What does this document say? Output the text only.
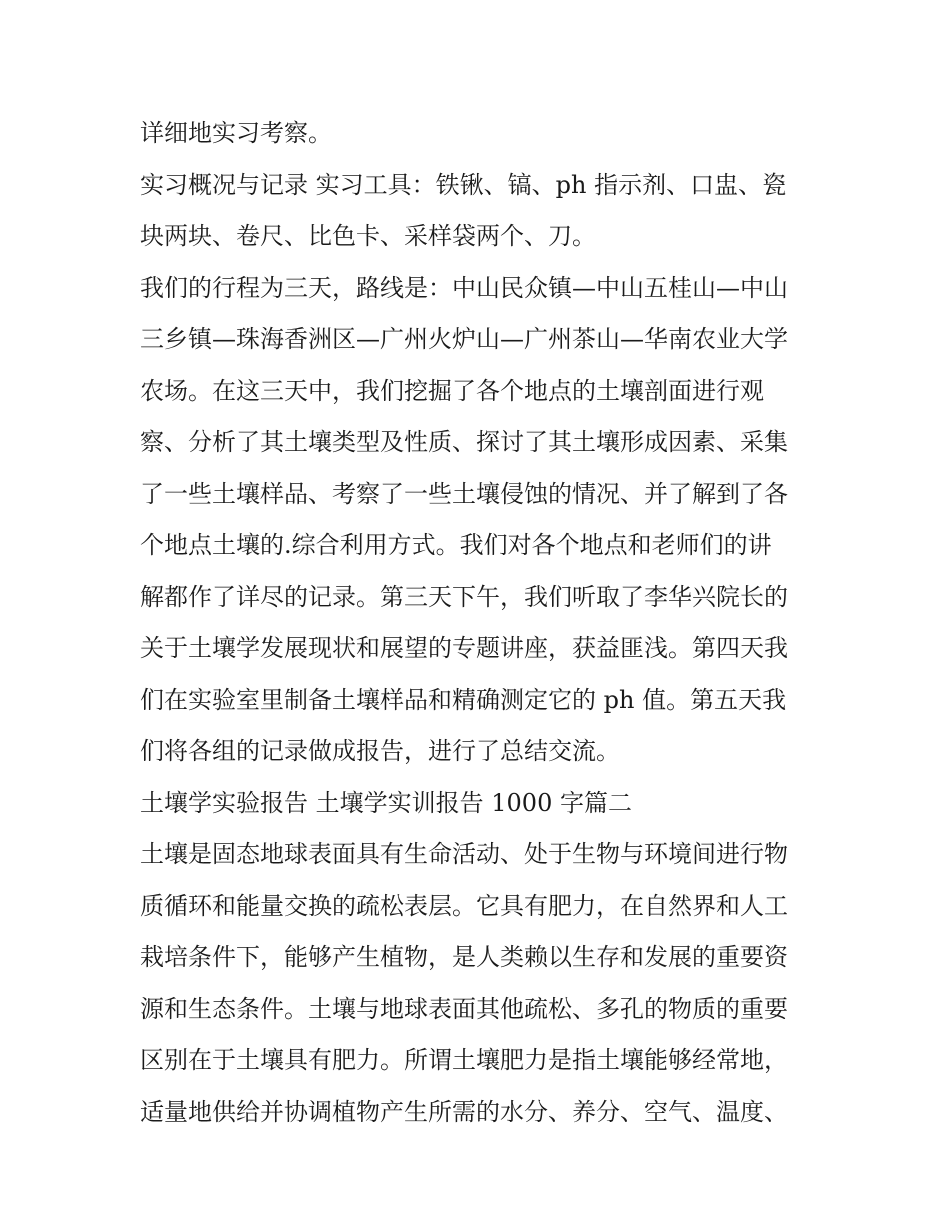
详细地实习考察。
实习概况与记录 实习工具：铁锹、镐、ph 指示剂、口盅、瓷
块两块、卷尺、比色卡、采样袋两个、刀。
我们的行程为三天，路线是：中山民众镇—中山五桂山—中山
三乡镇—珠海香洲区—广州火炉山—广州茶山—华南农业大学
农场。在这三天中，我们挖掘了各个地点的土壤剖面进行观
察、分析了其土壤类型及性质、探讨了其土壤形成因素、采集
了一些土壤样品、考察了一些土壤侵蚀的情况、并了解到了各
个地点土壤的.综合利用方式。我们对各个地点和老师们的讲
解都作了详尽的记录。第三天下午，我们听取了李华兴院长的
关于土壤学发展现状和展望的专题讲座，获益匪浅。第四天我
们在实验室里制备土壤样品和精确测定它的 ph 值。第五天我
们将各组的记录做成报告，进行了总结交流。
土壤学实验报告 土壤学实训报告 1000 字篇二
土壤是固态地球表面具有生命活动、处于生物与环境间进行物
质循环和能量交换的疏松表层。它具有肥力，在自然界和人工
栽培条件下，能够产生植物，是人类赖以生存和发展的重要资
源和生态条件。土壤与地球表面其他疏松、多孔的物质的重要
区别在于土壤具有肥力。所谓土壤肥力是指土壤能够经常地，
适量地供给并协调植物产生所需的水分、养分、空气、温度、
